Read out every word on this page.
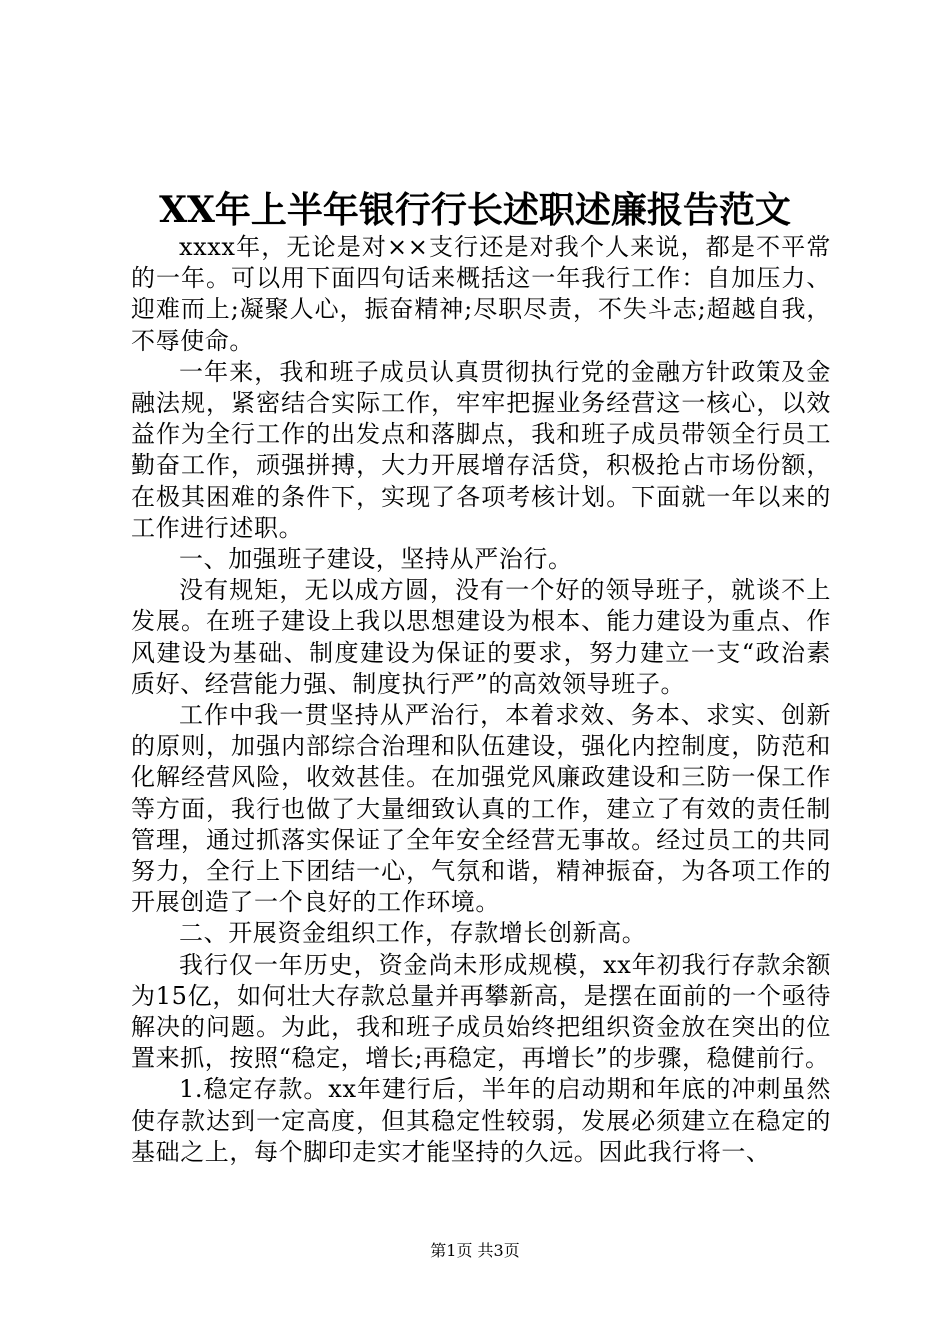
XX年上半年银行行长述职述廉报告范文

xxxx年，无论是对××支行还是对我个人来说，都是不平常的一年。可以用下面四句话来概括这一年我行工作：自加压力、迎难而上;凝聚人心，振奋精神;尽职尽责，不失斗志;超越自我，不辱使命。

一年来，我和班子成员认真贯彻执行党的金融方针政策及金融法规，紧密结合实际工作，牢牢把握业务经营这一核心，以效益作为全行工作的出发点和落脚点，我和班子成员带领全行员工勤奋工作，顽强拼搏，大力开展增存活贷，积极抢占市场份额，在极其困难的条件下，实现了各项考核计划。下面就一年以来的工作进行述职。

一、加强班子建设，坚持从严治行。

没有规矩，无以成方圆，没有一个好的领导班子，就谈不上发展。在班子建设上我以思想建设为根本、能力建设为重点、作风建设为基础、制度建设为保证的要求，努力建立一支“政治素质好、经营能力强、制度执行严”的高效领导班子。

工作中我一贯坚持从严治行，本着求效、务本、求实、创新的原则，加强内部综合治理和队伍建设，强化内控制度，防范和化解经营风险，收效甚佳。在加强党风廉政建设和三防一保工作等方面，我行也做了大量细致认真的工作，建立了有效的责任制管理，通过抓落实保证了全年安全经营无事故。经过员工的共同努力，全行上下团结一心，气氛和谐，精神振奋，为各项工作的开展创造了一个良好的工作环境。

二、开展资金组织工作，存款增长创新高。

我行仅一年历史，资金尚未形成规模，xx年初我行存款余额为15亿，如何壮大存款总量并再攀新高，是摆在面前的一个亟待解决的问题。为此，我和班子成员始终把组织资金放在突出的位置来抓，按照“稳定，增长;再稳定，再增长”的步骤，稳健前行。

1.稳定存款。xx年建行后，半年的启动期和年底的冲刺虽然使存款达到一定高度，但其稳定性较弱，发展必须建立在稳定的基础之上，每个脚印走实才能坚持的久远。因此我行将一、

第1页 共3页
